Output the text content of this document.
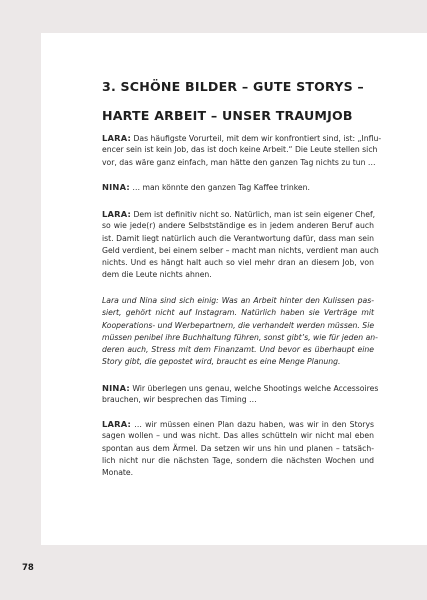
3. SCHÖNE BILDER – GUTE STORYS –
HARTE ARBEIT – UNSER TRAUMJOB
LARA: Das häufigste Vorurteil, mit dem wir konfrontiert sind, ist: „Influ-
encer sein ist kein Job, das ist doch keine Arbeit.“ Die Leute stellen sich
vor, das wäre ganz einfach, man hätte den ganzen Tag nichts zu tun …
NINA: … man könnte den ganzen Tag Kaffee trinken.
LARA: Dem ist definitiv nicht so. Natürlich, man ist sein eigener Chef,
so wie jede(r) andere Selbstständige es in jedem anderen Beruf auch
ist. Damit liegt natürlich auch die Verantwortung dafür, dass man sein
Geld verdient, bei einem selber – macht man nichts, verdient man auch
nichts. Und es hängt halt auch so viel mehr dran an diesem Job, von
dem die Leute nichts ahnen.
Lara und Nina sind sich einig: Was an Arbeit hinter den Kulissen pas-
siert, gehört nicht auf Instagram. Natürlich haben sie Verträge mit
Kooperations- und Werbepartnern, die verhandelt werden müssen. Sie
müssen penibel ihre Buchhaltung führen, sonst gibt’s, wie für jeden an-
deren auch, Stress mit dem Finanzamt. Und bevor es überhaupt eine
Story gibt, die gepostet wird, braucht es eine Menge Planung.
NINA: Wir überlegen uns genau, welche Shootings welche Accessoires
brauchen, wir besprechen das Timing …
LARA: … wir müssen einen Plan dazu haben, was wir in den Storys
sagen wollen – und was nicht. Das alles schütteln wir nicht mal eben
spontan aus dem Ärmel. Da setzen wir uns hin und planen – tatsäch-
lich nicht nur die nächsten Tage, sondern die nächsten Wochen und
Monate.
78
